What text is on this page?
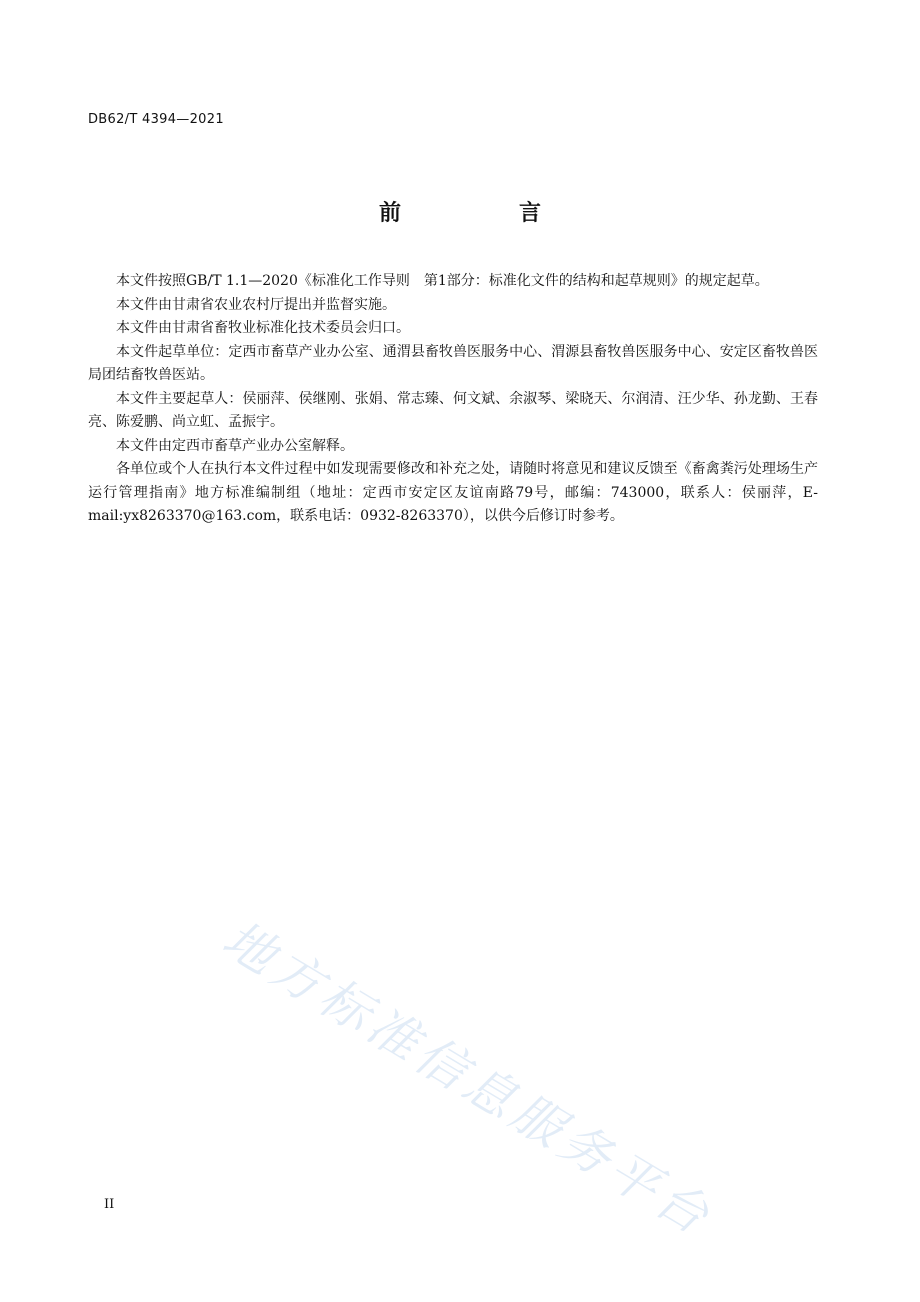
DB62/T 4394—2021
前　言

本文件按照GB/T 1.1—2020《标准化工作导则　第1部分：标准化文件的结构和起草规则》的规定起草。

本文件由甘肃省农业农村厅提出并监督实施。

本文件由甘肃省畜牧业标准化技术委员会归口。

本文件起草单位：定西市畜草产业办公室、通渭县畜牧兽医服务中心、渭源县畜牧兽医服务中心、安定区畜牧兽医局团结畜牧兽医站。

本文件主要起草人：侯丽萍、侯继刚、张娟、常志臻、何文斌、余淑琴、梁晓天、尔润清、汪少华、孙龙勤、王春亮、陈爱鹏、尚立虹、孟振宇。

本文件由定西市畜草产业办公室解释。

各单位或个人在执行本文件过程中如发现需要修改和补充之处，请随时将意见和建议反馈至《畜禽粪污处理场生产运行管理指南》地方标准编制组（地址：定西市安定区友谊南路79号，邮编：743000，联系人：侯丽萍，E-mail:yx8263370@163.com，联系电话：0932-8263370），以供今后修订时参考。

地方标准信息服务平台
II
